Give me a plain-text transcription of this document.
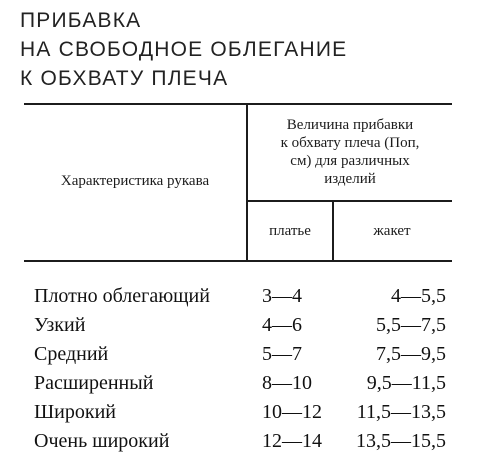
ПРИБАВКА
НА СВОБОДНОЕ ОБЛЕГАНИЕ
К ОБХВАТУ ПЛЕЧА
Характеристика рукава
Величина прибавки
к обхвату плеча (Поп,
см) для различных
изделий
платье	жакет
Плотно облегающий	3—4	4—5,5
Узкий	4—6	5,5—7,5
Средний	5—7	7,5—9,5
Расширенный	8—10	9,5—11,5
Широкий	10—12	11,5—13,5
Очень широкий	12—14	13,5—15,5
